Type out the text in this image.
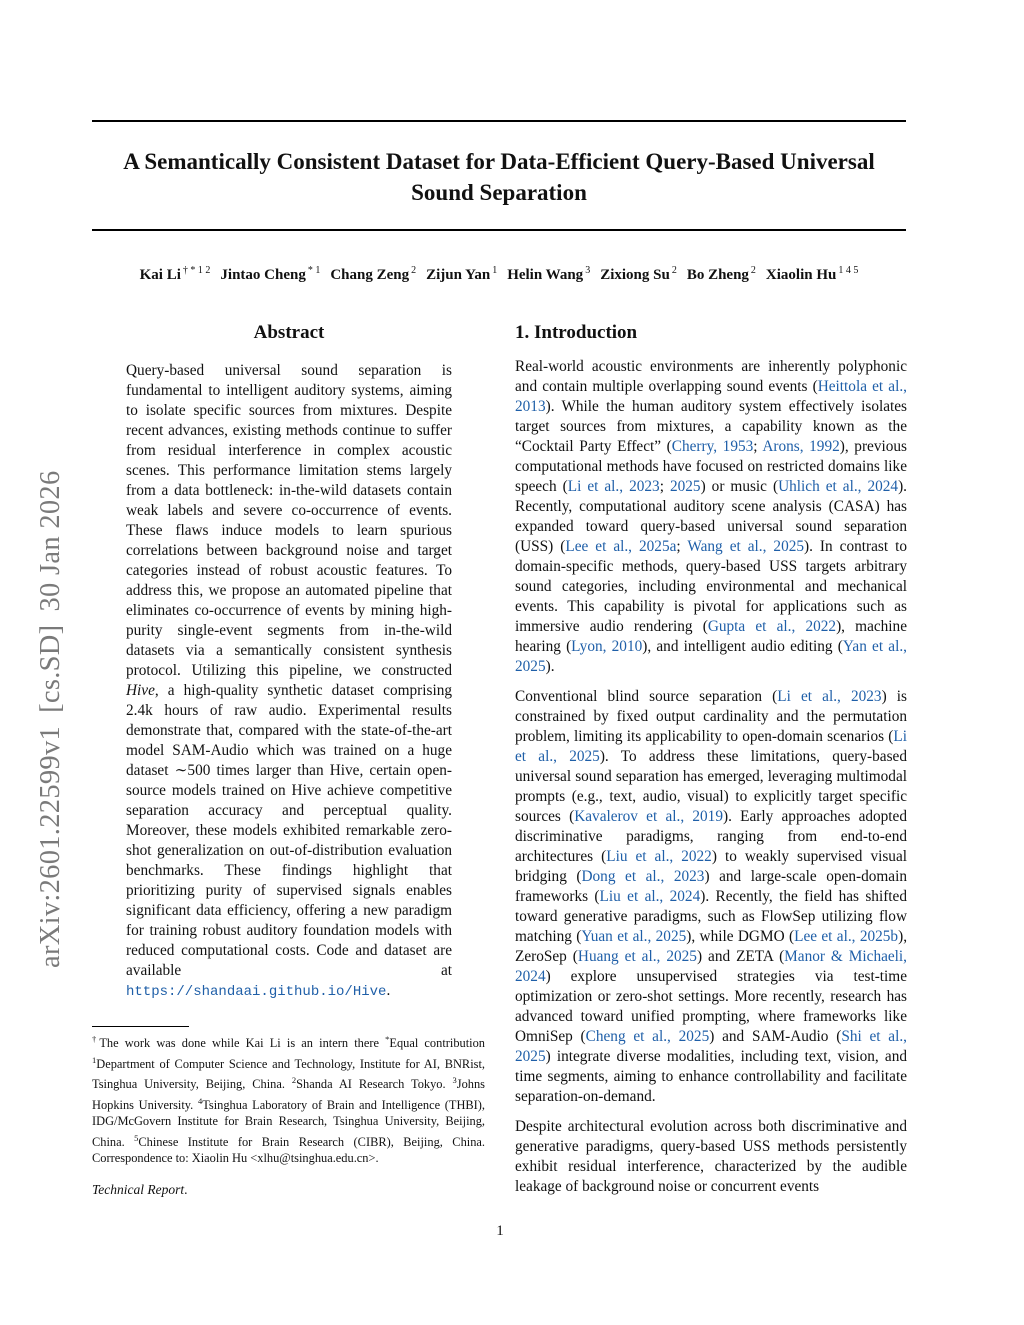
A Semantically Consistent Dataset for Data-Efficient Query-Based Universal Sound Separation
Kai Li $^{\dagger * 1 2}$ Jintao Cheng $^{* 1}$ Chang Zeng $^2$ Zijun Yan $^1$ Helin Wang $^3$ Zixiong Su $^2$ Bo Zheng $^2$ Xiaolin Hu $^{1 4 5}$
arXiv:2601.22599v1[cs.SD]30 Jan 2026
Abstract

Query-based universal sound separation is fundamental to intelligent auditory systems, aiming to isolate specific sources from mixtures. Despite recent advances, existing methods continue to suffer from residual interference in complex acoustic scenes. This performance limitation stems largely from a data bottleneck: in-the-wild datasets contain weak labels and severe co-occurrence of events. These flaws induce models to learn spurious correlations between background noise and target categories instead of robust acoustic features. To address this, we propose an automated pipeline that eliminates co-occurrence of events by mining high-purity single-event segments from in-the-wild datasets via a semantically consistent synthesis protocol. Utilizing this pipeline, we constructed Hive, a high-quality synthetic dataset comprising 2.4k hours of raw audio. Experimental results demonstrate that, compared with the state-of-the-art model SAM-Audio which was trained on a huge dataset ∼500 times larger than Hive, certain open-source models trained on Hive achieve competitive separation accuracy and perceptual quality. Moreover, these models exhibited remarkable zero-shot generalization on out-of-distribution evaluation benchmarks. These findings highlight that prioritizing purity of supervised signals enables significant data efficiency, offering a new paradigm for training robust auditory foundation models with reduced computational costs. Code and dataset are available at https://shandaai.github.io/Hive.

1. Introduction

Real-world acoustic environments are inherently polyphonic and contain multiple overlapping sound events (Heittola et al., 2013). While the human auditory system effectively isolates target sources from mixtures, a capability known as the “Cocktail Party Effect” (Cherry, 1953; Arons, 1992), previous computational methods have focused on restricted domains like speech (Li et al., 2023; 2025) or music (Uhlich et al., 2024). Recently, computational auditory scene analysis (CASA) has expanded toward query-based universal sound separation (USS) (Lee et al., 2025a; Wang et al., 2025). In contrast to domain-specific methods, query-based USS targets arbitrary sound categories, including environmental and mechanical events. This capability is pivotal for applications such as immersive audio rendering (Gupta et al., 2022), machine hearing (Lyon, 2010), and intelligent audio editing (Yan et al., 2025).

Conventional blind source separation (Li et al., 2023) is constrained by fixed output cardinality and the permutation problem, limiting its applicability to open-domain scenarios (Li et al., 2025). To address these limitations, query-based universal sound separation has emerged, leveraging multimodal prompts (e.g., text, audio, visual) to explicitly target specific sources (Kavalerov et al., 2019). Early approaches adopted discriminative paradigms, ranging from end-to-end architectures (Liu et al., 2022) to weakly supervised visual bridging (Dong et al., 2023) and large-scale open-domain frameworks (Liu et al., 2024). Recently, the field has shifted toward generative paradigms, such as FlowSep utilizing flow matching (Yuan et al., 2025), while DGMO (Lee et al., 2025b), ZeroSep (Huang et al., 2025) and ZETA (Manor & Michaeli, 2024) explore unsupervised strategies via test-time optimization or zero-shot settings. More recently, research has advanced toward unified prompting, where frameworks like OmniSep (Cheng et al., 2025) and SAM-Audio (Shi et al., 2025) integrate diverse modalities, including text, vision, and time segments, aiming to enhance controllability and facilitate separation-on-demand.

Despite architectural evolution across both discriminative and generative paradigms, query-based USS methods persistently exhibit residual interference, characterized by the audible leakage of background noise or concurrent events

†The work was done while Kai Li is an intern there *Equal contribution $^1$Department of Computer Science and Technology, Institute for AI, BNRist, Tsinghua University, Beijing, China. $^2$Shanda AI Research Tokyo. $^3$Johns Hopkins University. $^4$Tsinghua Laboratory of Brain and Intelligence (THBI), IDG/McGovern Institute for Brain Research, Tsinghua University, Beijing, China. $^5$Chinese Institute for Brain Research (CIBR), Beijing, China. Correspondence to: Xiaolin Hu <xlhu@tsinghua.edu.cn>.
Technical Report.
1
